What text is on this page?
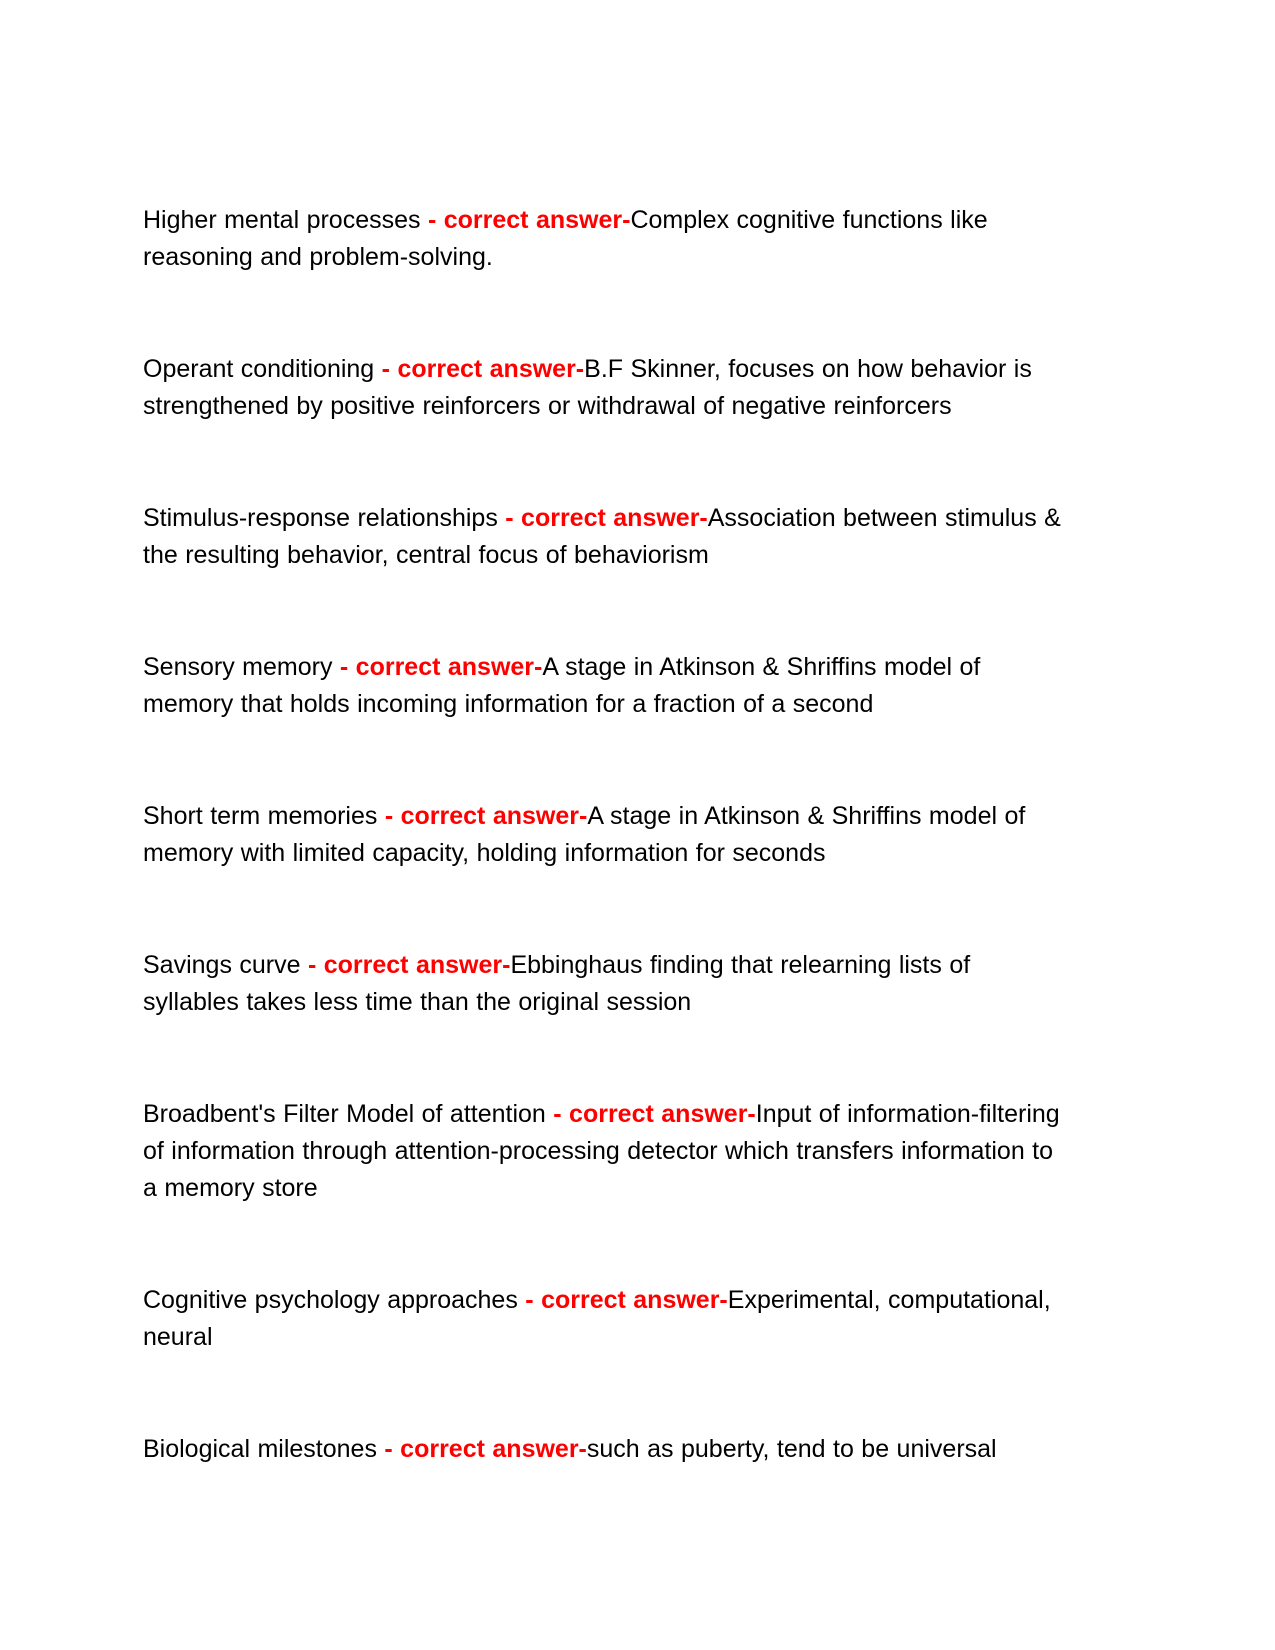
Higher mental processes - correct answer-Complex cognitive functions like reasoning and problem-solving.

Operant conditioning - correct answer-B.F Skinner, focuses on how behavior is strengthened by positive reinforcers or withdrawal of negative reinforcers

Stimulus-response relationships - correct answer-Association between stimulus & the resulting behavior, central focus of behaviorism

Sensory memory - correct answer-A stage in Atkinson & Shriffins model of memory that holds incoming information for a fraction of a second

Short term memories - correct answer-A stage in Atkinson & Shriffins model of memory with limited capacity, holding information for seconds

Savings curve - correct answer-Ebbinghaus finding that relearning lists of syllables takes less time than the original session

Broadbent's Filter Model of attention - correct answer-Input of information-filtering of information through attention-processing detector which transfers information to a memory store

Cognitive psychology approaches - correct answer-Experimental, computational, neural

Biological milestones - correct answer-such as puberty, tend to be universal
